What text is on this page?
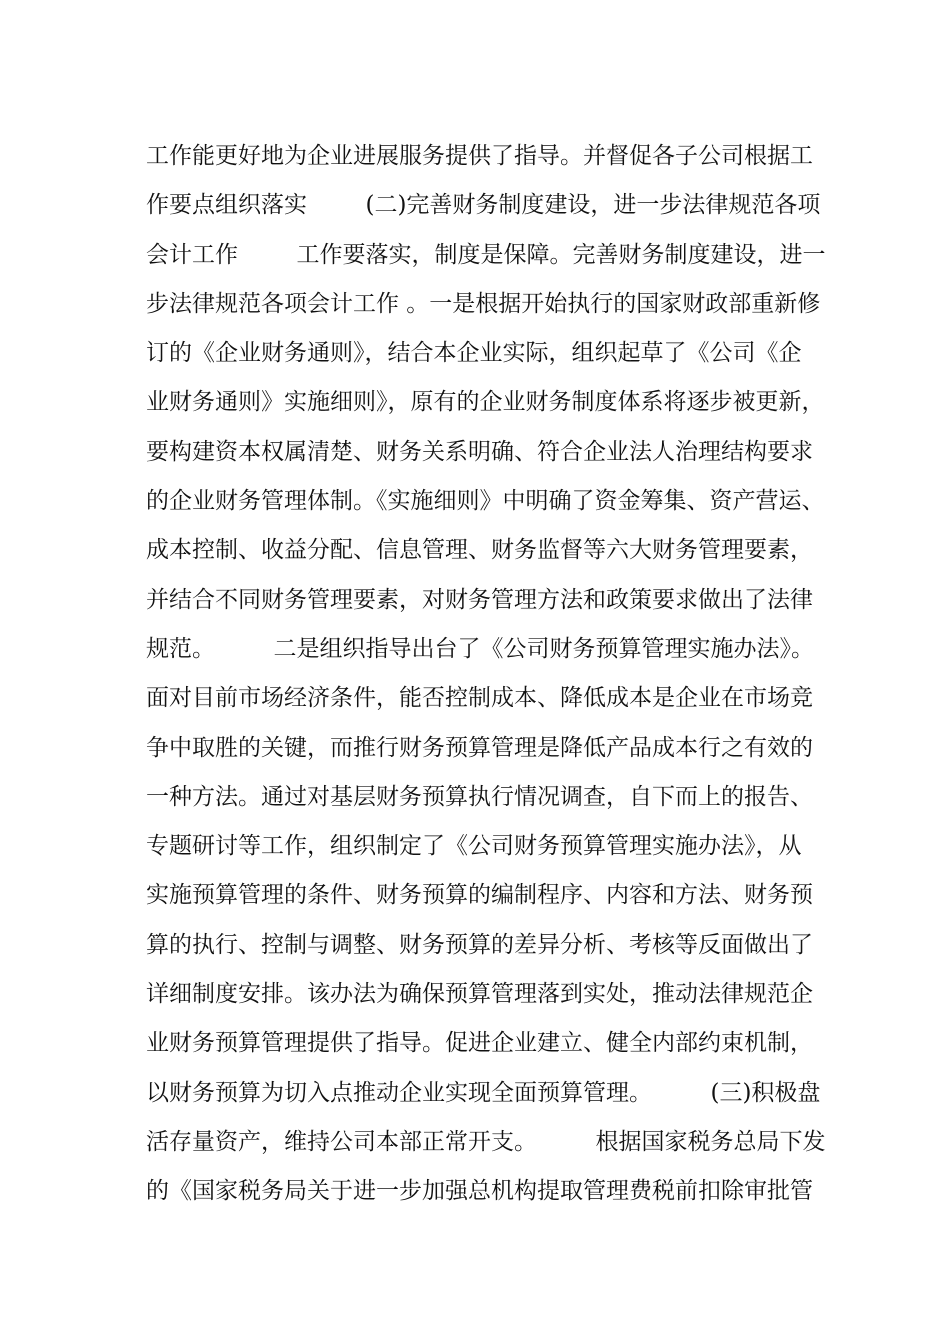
工作能更好地为企业进展服务提供了指导。并督促各子公司根据工
作要点组织落实        (二)完善财务制度建设，进一步法律规范各项
会计工作        工作要落实，制度是保障。完善财务制度建设，进一
步法律规范各项会计工作 。一是根据开始执行的国家财政部重新修
订的《企业财务通则》，结合本企业实际，组织起草了《公司《企
业财务通则》实施细则》，原有的企业财务制度体系将逐步被更新，
要构建资本权属清楚、财务关系明确、符合企业法人治理结构要求
的企业财务管理体制。《实施细则》中明确了资金筹集、资产营运、
成本控制、收益分配、信息管理、财务监督等六大财务管理要素，
并结合不同财务管理要素，对财务管理方法和政策要求做出了法律
规范。        二是组织指导出台了《公司财务预算管理实施办法》。
面对目前市场经济条件，能否控制成本、降低成本是企业在市场竞
争中取胜的关键，而推行财务预算管理是降低产品成本行之有效的
一种方法。通过对基层财务预算执行情况调查，自下而上的报告、
专题研讨等工作，组织制定了《公司财务预算管理实施办法》，从
实施预算管理的条件、财务预算的编制程序、内容和方法、财务预
算的执行、控制与调整、财务预算的差异分析、考核等反面做出了
详细制度安排。该办法为确保预算管理落到实处，推动法律规范企
业财务预算管理提供了指导。促进企业建立、健全内部约束机制，
以财务预算为切入点推动企业实现全面预算管理。        (三)积极盘
活存量资产，维持公司本部正常开支。        根据国家税务总局下发
的《国家税务局关于进一步加强总机构提取管理费税前扣除审批管
